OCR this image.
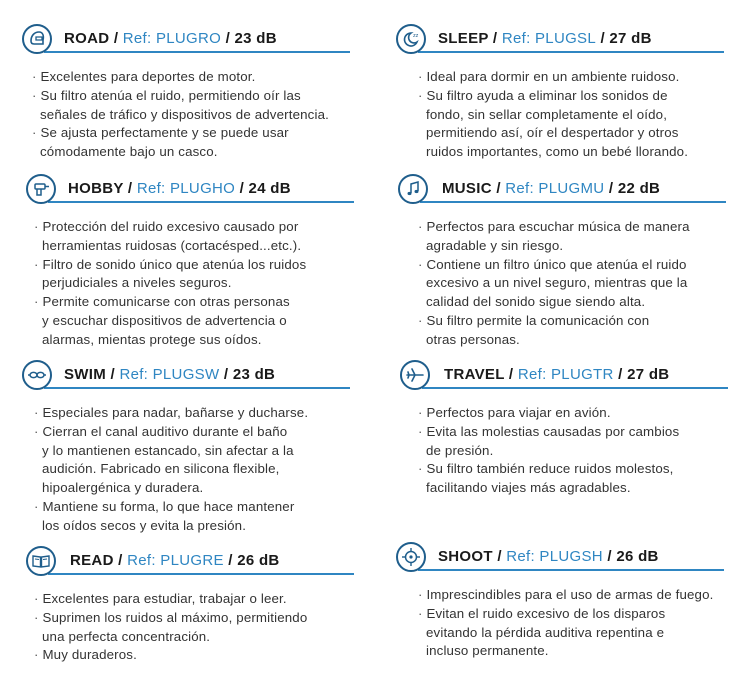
ROAD / Ref: PLUGRO / 23 dB
· Excelentes para deportes de motor.
· Su filtro atenúa el ruido, permitiendo oír las
señales de tráfico y dispositivos de advertencia.
· Se ajusta perfectamente y se puede usar
cómodamente bajo un casco.
zz SLEEP / Ref: PLUGSL / 27 dB
· Ideal para dormir en un ambiente ruidoso.
· Su filtro ayuda a eliminar los sonidos de
fondo, sin sellar completamente el oído,
permitiendo así, oír el despertador y otros
ruidos importantes, como un bebé llorando.
HOBBY / Ref: PLUGHO / 24 dB
· Protección del ruido excesivo causado por
herramientas ruidosas (cortacésped...etc.).
· Filtro de sonido único que atenúa los ruidos
perjudiciales a niveles seguros.
· Permite comunicarse con otras personas
y escuchar dispositivos de advertencia o
alarmas, mientas protege sus oídos.
MUSIC / Ref: PLUGMU / 22 dB
· Perfectos para escuchar música de manera
agradable y sin riesgo.
· Contiene un filtro único que atenúa el ruido
excesivo a un nivel seguro, mientras que la
calidad del sonido sigue siendo alta.
· Su filtro permite la comunicación con
otras personas.
SWIM / Ref: PLUGSW / 23 dB
· Especiales para nadar, bañarse y ducharse.
· Cierran el canal auditivo durante el baño
y lo mantienen estancado, sin afectar a la
audición. Fabricado en silicona flexible,
hipoalergénica y duradera.
· Mantiene su forma, lo que hace mantener
los oídos secos y evita la presión.
TRAVEL / Ref: PLUGTR / 27 dB
· Perfectos para viajar en avión.
· Evita las molestias causadas por cambios
de presión.
· Su filtro también reduce ruidos molestos,
facilitando viajes más agradables.
READ / Ref: PLUGRE / 26 dB
· Excelentes para estudiar, trabajar o leer.
· Suprimen los ruidos al máximo, permitiendo
una perfecta concentración.
· Muy duraderos.
SHOOT / Ref: PLUGSH / 26 dB
· Imprescindibles para el uso de armas de fuego.
· Evitan el ruido excesivo de los disparos
evitando la pérdida auditiva repentina e
incluso permanente.
